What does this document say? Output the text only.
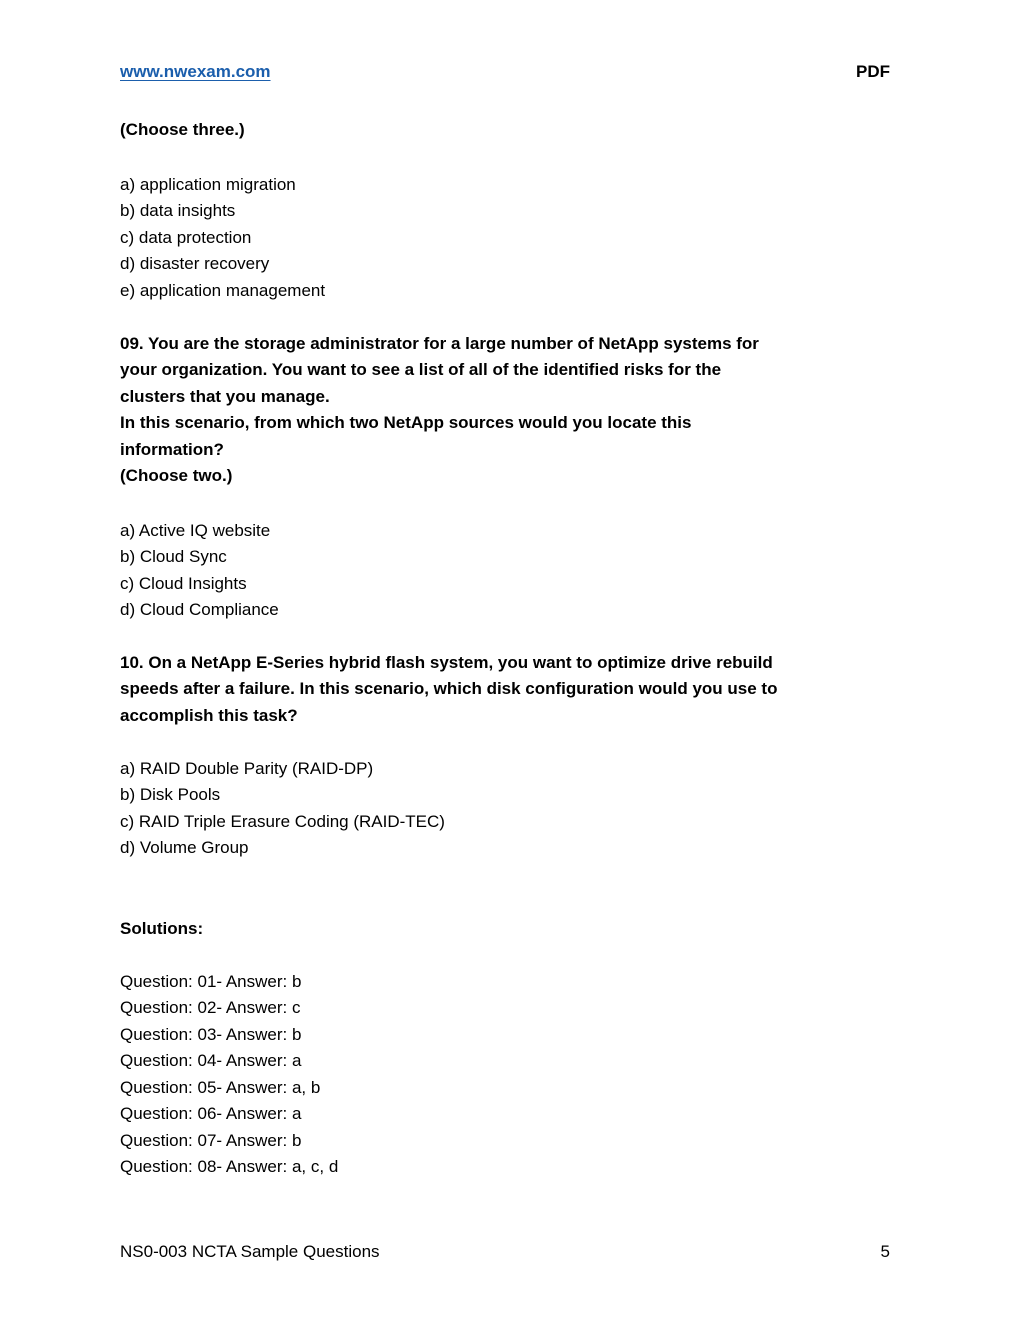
www.nwexam.com	PDF
(Choose three.)
a) application migration
b) data insights
c) data protection
d) disaster recovery
e) application management
09. You are the storage administrator for a large number of NetApp systems for
your organization. You want to see a list of all of the identified risks for the
clusters that you manage.
In this scenario, from which two NetApp sources would you locate this
information?
(Choose two.)
a) Active IQ website
b) Cloud Sync
c) Cloud Insights
d) Cloud Compliance
10. On a NetApp E-Series hybrid flash system, you want to optimize drive rebuild
speeds after a failure. In this scenario, which disk configuration would you use to
accomplish this task?
a) RAID Double Parity (RAID-DP)
b) Disk Pools
c) RAID Triple Erasure Coding (RAID-TEC)
d) Volume Group
Solutions:
Question: 01- Answer: b
Question: 02- Answer: c
Question: 03- Answer: b
Question: 04- Answer: a
Question: 05- Answer: a, b
Question: 06- Answer: a
Question: 07- Answer: b
Question: 08- Answer: a, c, d
NS0-003 NCTA Sample Questions	5
